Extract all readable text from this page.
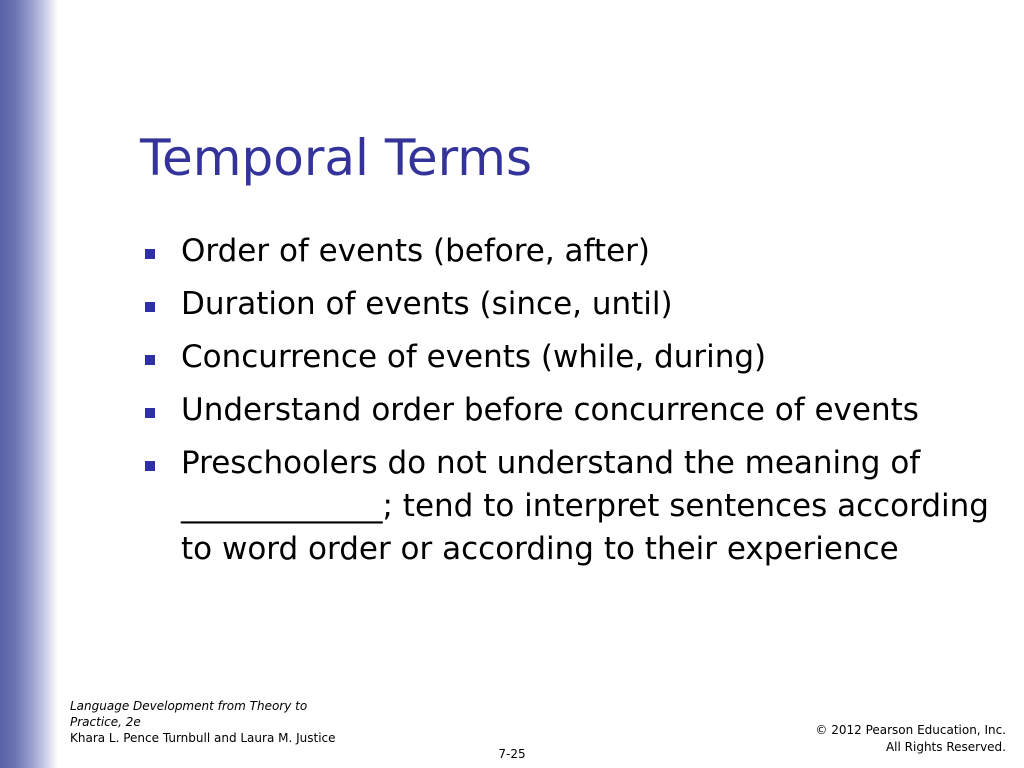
Temporal Terms
Order of events (before, after)
Duration of events (since, until)
Concurrence of events (while, during)
Understand order before concurrence of events
Preschoolers do not understand the meaning of _____________; tend to interpret sentences according to word order or according to their experience
Language Development from Theory to Practice, 2e
Khara L. Pence Turnbull and Laura M. Justice
7-25
© 2012 Pearson Education, Inc.
All Rights Reserved.
